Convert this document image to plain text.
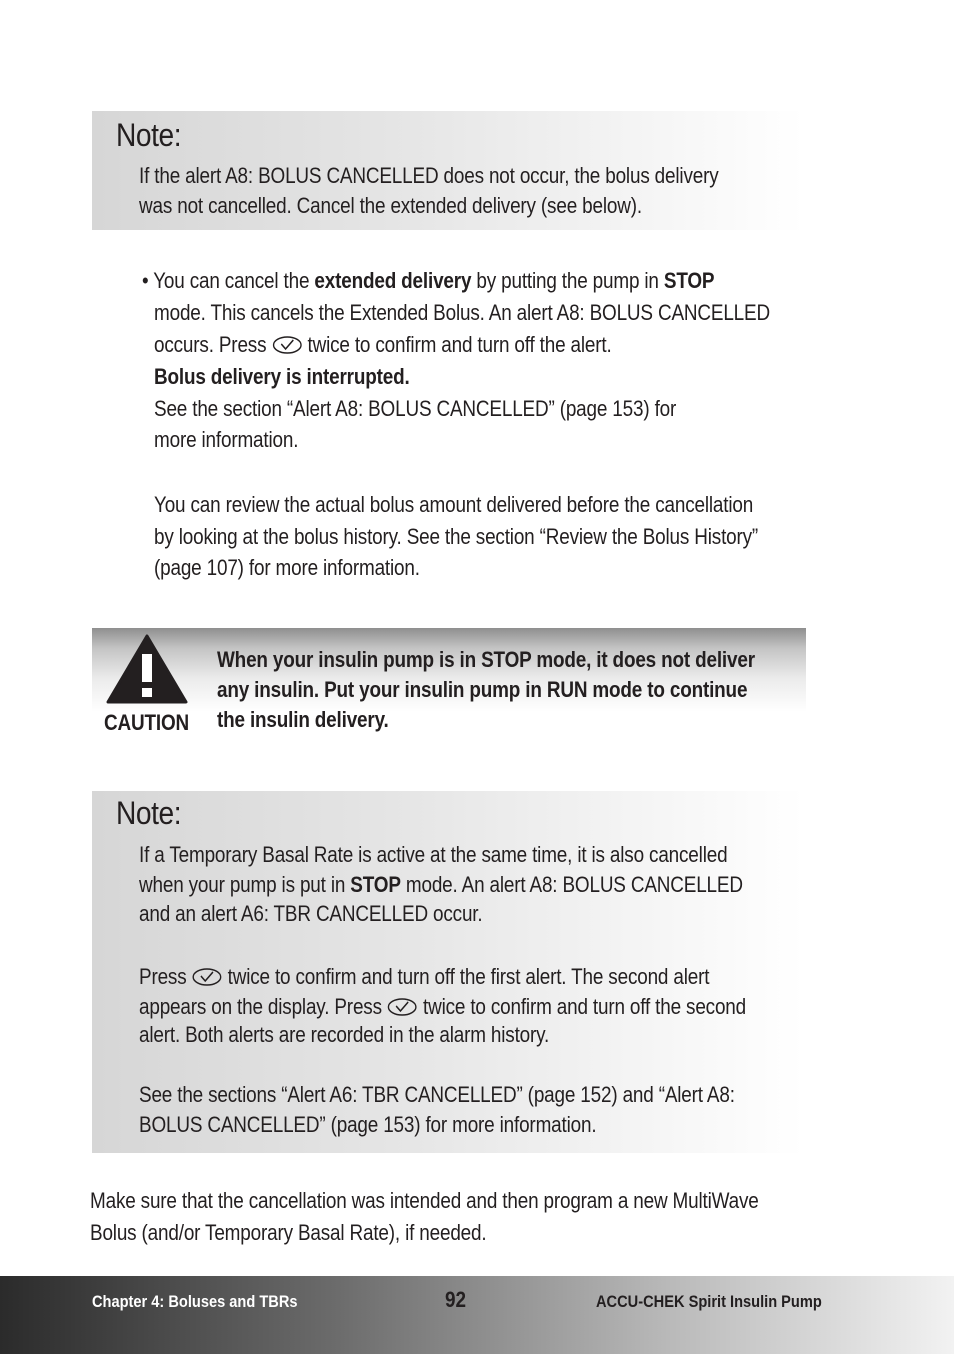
Note:
If the alert A8: BOLUS CANCELLED does not occur, the bolus delivery
was not cancelled. Cancel the extended delivery (see below).
• You can cancel the extended delivery by putting the pump in STOP
mode. This cancels the Extended Bolus. An alert A8: BOLUS CANCELLED
occurs. Press  twice to confirm and turn off the alert.
Bolus delivery is interrupted.
See the section “Alert A8: BOLUS CANCELLED” (page 153) for
more information.
You can review the actual bolus amount delivered before the cancellation
by looking at the bolus history. See the section “Review the Bolus History”
(page 107) for more information.
CAUTION
When your insulin pump is in STOP mode, it does not deliver
any insulin. Put your insulin pump in RUN mode to continue
the insulin delivery.
Note:
If a Temporary Basal Rate is active at the same time, it is also cancelled
when your pump is put in STOP mode. An alert A8: BOLUS CANCELLED
and an alert A6: TBR CANCELLED occur.
Press  twice to confirm and turn off the first alert. The second alert
appears on the display. Press  twice to confirm and turn off the second
alert. Both alerts are recorded in the alarm history.
See the sections “Alert A6: TBR CANCELLED” (page 152) and “Alert A8:
BOLUS CANCELLED” (page 153) for more information.
Make sure that the cancellation was intended and then program a new MultiWave
Bolus (and/or Temporary Basal Rate), if needed.
Chapter 4: Boluses and TBRs	92	ACCU-CHEK Spirit Insulin Pump
